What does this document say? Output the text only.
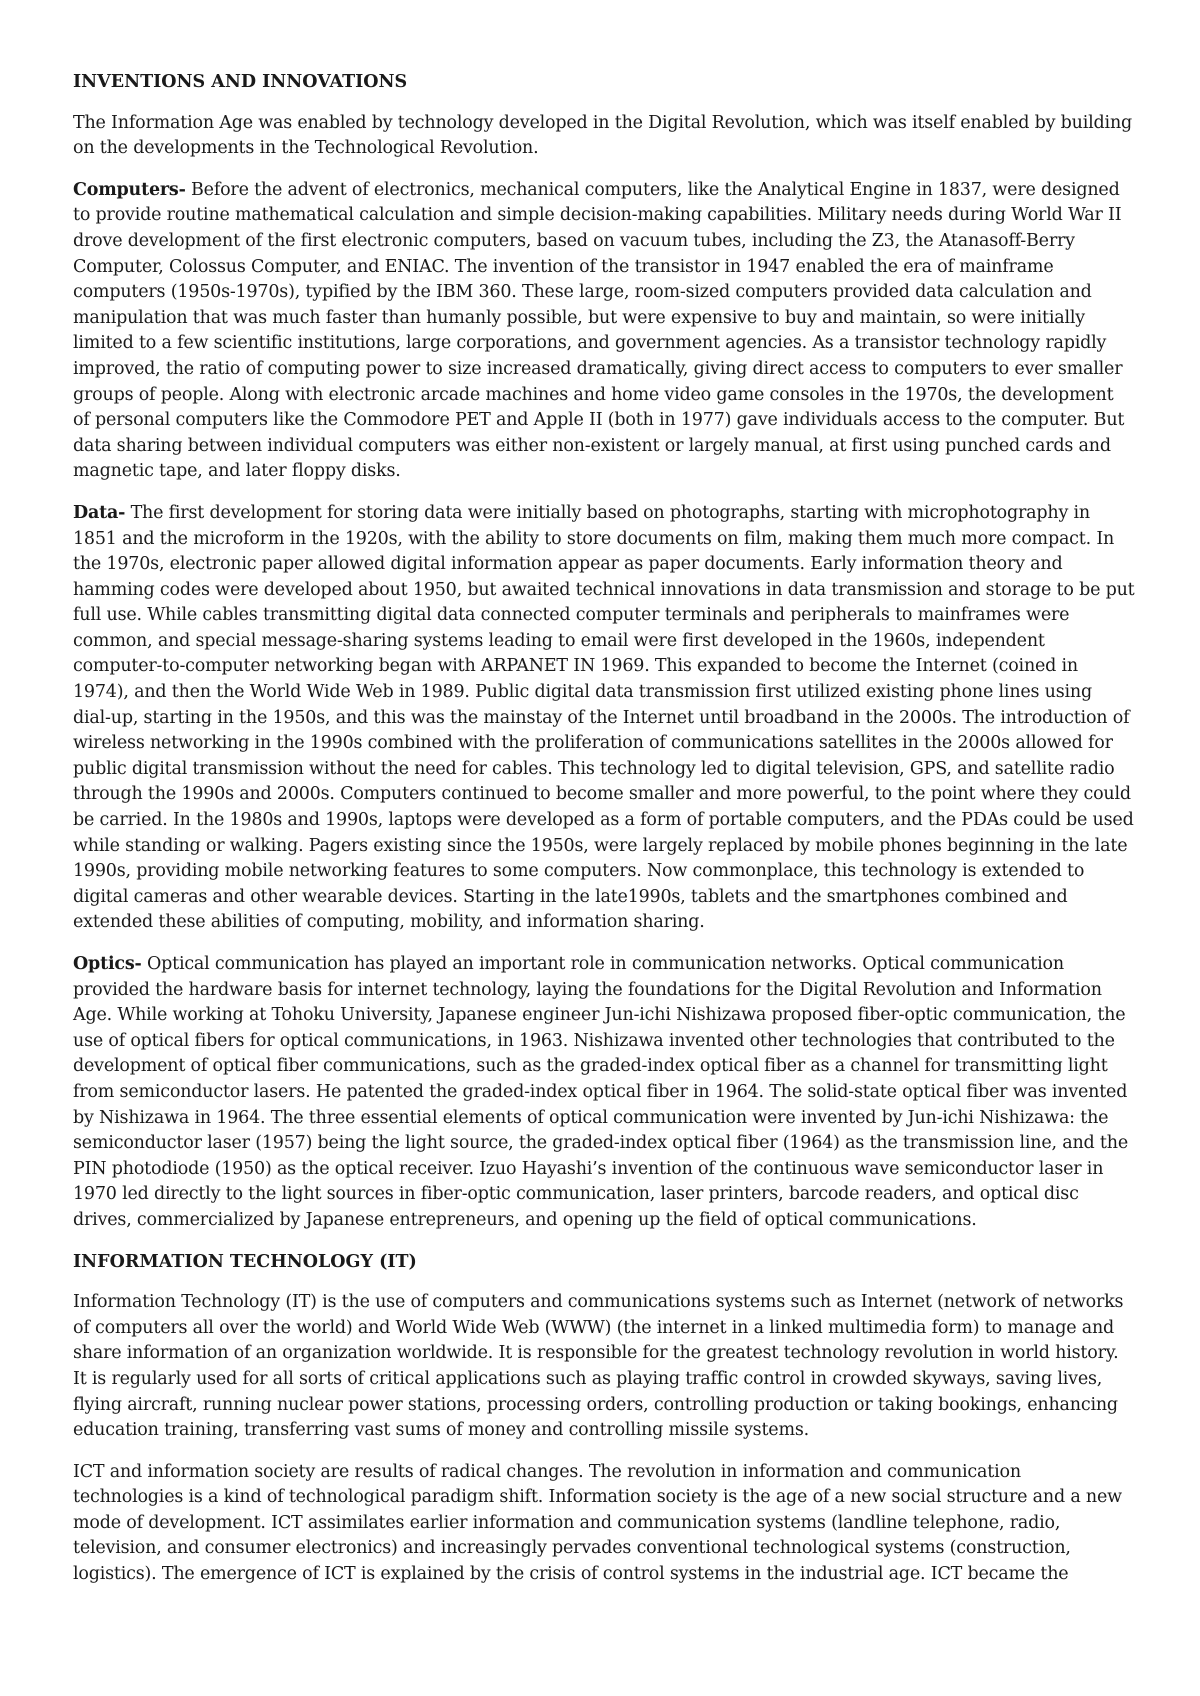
INVENTIONS AND INNOVATIONS

The Information Age was enabled by technology developed in the Digital Revolution, which was itself enabled by building on the developments in the Technological Revolution.

Computers- Before the advent of electronics, mechanical computers, like the Analytical Engine in 1837, were designed to provide routine mathematical calculation and simple decision-making capabilities. Military needs during World War II drove development of the first electronic computers, based on vacuum tubes, including the Z3, the Atanasoff-Berry Computer, Colossus Computer, and ENIAC. The invention of the transistor in 1947 enabled the era of mainframe computers (1950s-1970s), typified by the IBM 360. These large, room-sized computers provided data calculation and manipulation that was much faster than humanly possible, but were expensive to buy and maintain, so were initially limited to a few scientific institutions, large corporations, and government agencies. As a transistor technology rapidly improved, the ratio of computing power to size increased dramatically, giving direct access to computers to ever smaller groups of people. Along with electronic arcade machines and home video game consoles in the 1970s, the development of personal computers like the Commodore PET and Apple II (both in 1977) gave individuals access to the computer. But data sharing between individual computers was either non-existent or largely manual, at first using punched cards and magnetic tape, and later floppy disks.

Data- The first development for storing data were initially based on photographs, starting with microphotography in 1851 and the microform in the 1920s, with the ability to store documents on film, making them much more compact. In the 1970s, electronic paper allowed digital information appear as paper documents. Early information theory and hamming codes were developed about 1950, but awaited technical innovations in data transmission and storage to be put full use. While cables transmitting digital data connected computer terminals and peripherals to mainframes were common, and special message-sharing systems leading to email were first developed in the 1960s, independent computer-to-computer networking began with ARPANET IN 1969. This expanded to become the Internet (coined in 1974), and then the World Wide Web in 1989. Public digital data transmission first utilized existing phone lines using dial-up, starting in the 1950s, and this was the mainstay of the Internet until broadband in the 2000s. The introduction of wireless networking in the 1990s combined with the proliferation of communications satellites in the 2000s allowed for public digital transmission without the need for cables. This technology led to digital television, GPS, and satellite radio through the 1990s and 2000s. Computers continued to become smaller and more powerful, to the point where they could be carried. In the 1980s and 1990s, laptops were developed as a form of portable computers, and the PDAs could be used while standing or walking. Pagers existing since the 1950s, were largely replaced by mobile phones beginning in the late 1990s, providing mobile networking features to some computers. Now commonplace, this technology is extended to digital cameras and other wearable devices. Starting in the late1990s, tablets and the smartphones combined and extended these abilities of computing, mobility, and information sharing.

Optics- Optical communication has played an important role in communication networks. Optical communication provided the hardware basis for internet technology, laying the foundations for the Digital Revolution and Information Age. While working at Tohoku University, Japanese engineer Jun-ichi Nishizawa proposed fiber-optic communication, the use of optical fibers for optical communications, in 1963. Nishizawa invented other technologies that contributed to the development of optical fiber communications, such as the graded-index optical fiber as a channel for transmitting light from semiconductor lasers. He patented the graded-index optical fiber in 1964. The solid-state optical fiber was invented by Nishizawa in 1964. The three essential elements of optical communication were invented by Jun-ichi Nishizawa: the semiconductor laser (1957) being the light source, the graded-index optical fiber (1964) as the transmission line, and the PIN photodiode (1950) as the optical receiver. Izuo Hayashi’s invention of the continuous wave semiconductor laser in 1970 led directly to the light sources in fiber-optic communication, laser printers, barcode readers, and optical disc drives, commercialized by Japanese entrepreneurs, and opening up the field of optical communications.

INFORMATION TECHNOLOGY (IT)

Information Technology (IT) is the use of computers and communications systems such as Internet (network of networks of computers all over the world) and World Wide Web (WWW) (the internet in a linked multimedia form) to manage and share information of an organization worldwide. It is responsible for the greatest technology revolution in world history. It is regularly used for all sorts of critical applications such as playing traffic control in crowded skyways, saving lives, flying aircraft, running nuclear power stations, processing orders, controlling production or taking bookings, enhancing education training, transferring vast sums of money and controlling missile systems.

ICT and information society are results of radical changes. The revolution in information and communication technologies is a kind of technological paradigm shift. Information society is the age of a new social structure and a new mode of development. ICT assimilates earlier information and communication systems (landline telephone, radio, television, and consumer electronics) and increasingly pervades conventional technological systems (construction, logistics). The emergence of ICT is explained by the crisis of control systems in the industrial age. ICT became the
